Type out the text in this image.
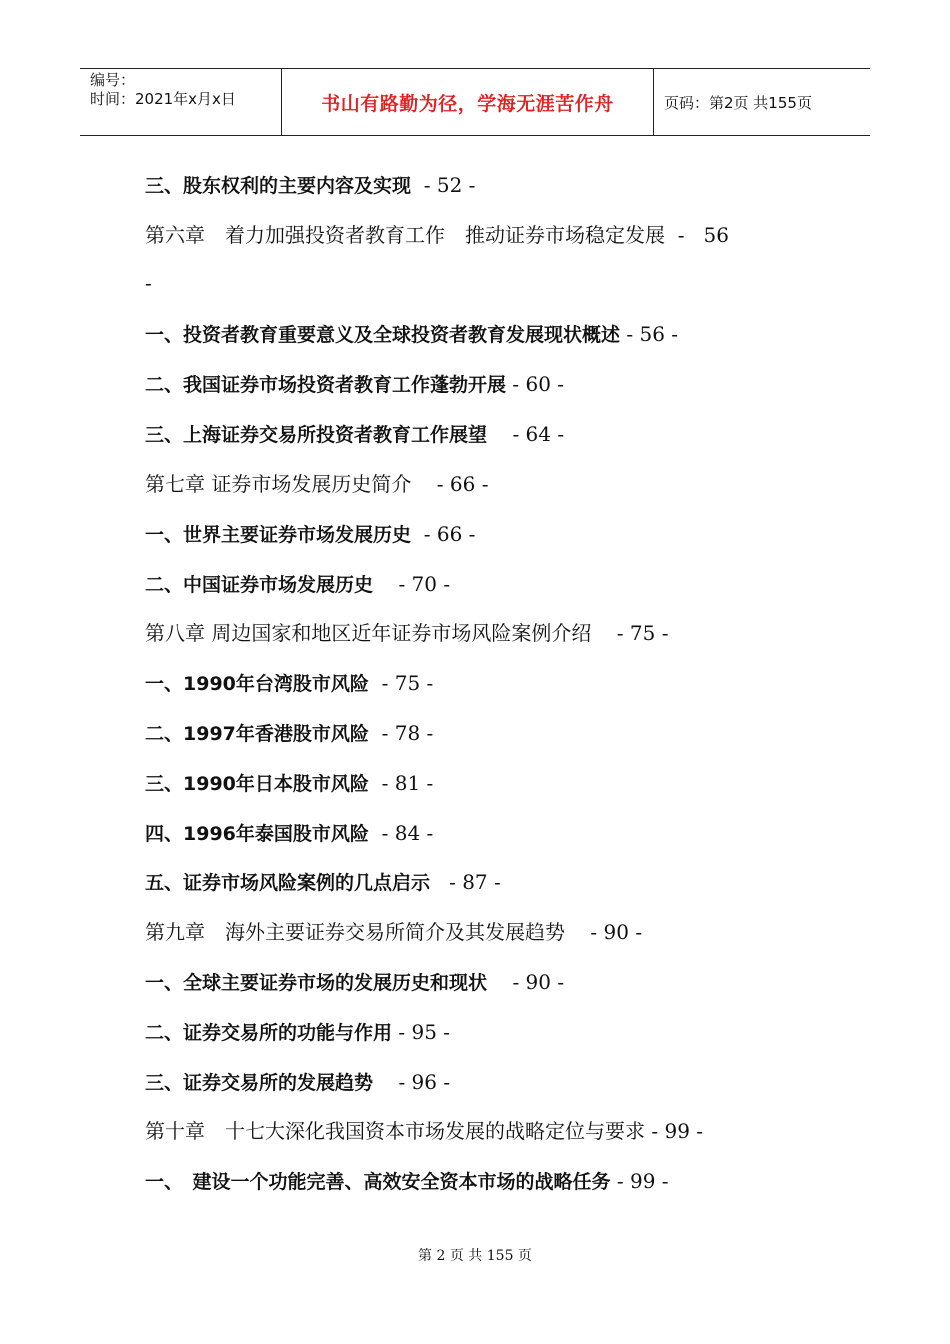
编号：
时间：2021年x月x日	书山有路勤为径，学海无涯苦作舟	页码：第2页 共155页
三、股东权利的主要内容及实现  - 52 -
第六章　着力加强投资者教育工作　推动证券市场稳定发展  -   56
-
一、投资者教育重要意义及全球投资者教育发展现状概述 - 56 -
二、我国证券市场投资者教育工作蓬勃开展 - 60 -
三、上海证券交易所投资者教育工作展望    - 64 -
第七章 证券市场发展历史简介    - 66 -
一、世界主要证券市场发展历史  - 66 -
二、中国证券市场发展历史    - 70 -
第八章 周边国家和地区近年证券市场风险案例介绍    - 75 -
一、1990年台湾股市风险  - 75 -
二、1997年香港股市风险  - 78 -
三、1990年日本股市风险  - 81 -
四、1996年泰国股市风险  - 84 -
五、证券市场风险案例的几点启示   - 87 -
第九章　海外主要证券交易所简介及其发展趋势    - 90 -
一、全球主要证券市场的发展历史和现状    - 90 -
二、证券交易所的功能与作用 - 95 -
三、证券交易所的发展趋势    - 96 -
第十章　十七大深化我国资本市场发展的战略定位与要求 - 99 -
一、　建设一个功能完善、高效安全资本市场的战略任务 - 99 -
第 2 页 共 155 页
